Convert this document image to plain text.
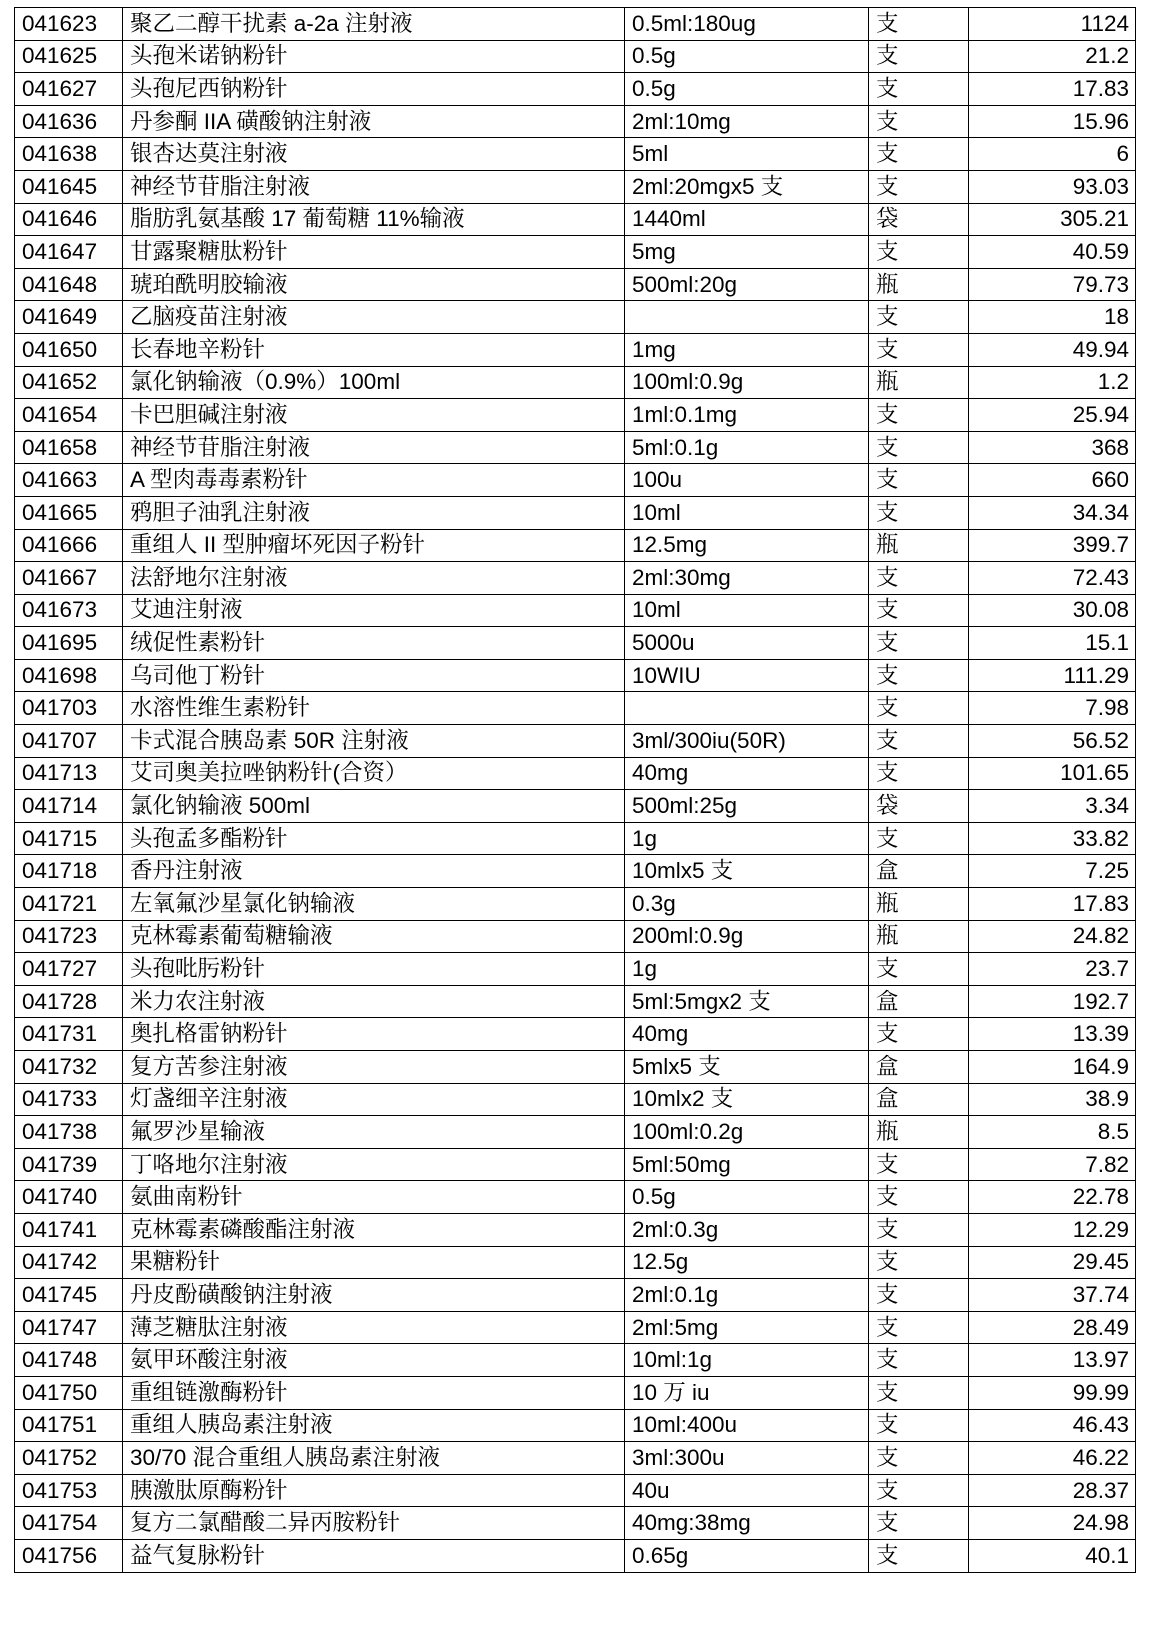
041623	聚乙二醇干扰素 a-2a 注射液	0.5ml:180ug	支	1124
041625	头孢米诺钠粉针	0.5g	支	21.2
041627	头孢尼西钠粉针	0.5g	支	17.83
041636	丹参酮 IIA 磺酸钠注射液	2ml:10mg	支	15.96
041638	银杏达莫注射液	5ml	支	6
041645	神经节苷脂注射液	2ml:20mgx5 支	支	93.03
041646	脂肪乳氨基酸 17 葡萄糖 11%输液	1440ml	袋	305.21
041647	甘露聚糖肽粉针	5mg	支	40.59
041648	琥珀酰明胶输液	500ml:20g	瓶	79.73
041649	乙脑疫苗注射液		支	18
041650	长春地辛粉针	1mg	支	49.94
041652	氯化钠输液（0.9%）100ml	100ml:0.9g	瓶	1.2
041654	卡巴胆碱注射液	1ml:0.1mg	支	25.94
041658	神经节苷脂注射液	5ml:0.1g	支	368
041663	A 型肉毒毒素粉针	100u	支	660
041665	鸦胆子油乳注射液	10ml	支	34.34
041666	重组人 II 型肿瘤坏死因子粉针	12.5mg	瓶	399.7
041667	法舒地尔注射液	2ml:30mg	支	72.43
041673	艾迪注射液	10ml	支	30.08
041695	绒促性素粉针	5000u	支	15.1
041698	乌司他丁粉针	10WIU	支	111.29
041703	水溶性维生素粉针		支	7.98
041707	卡式混合胰岛素 50R 注射液	3ml/300iu(50R)	支	56.52
041713	艾司奥美拉唑钠粉针(合资）	40mg	支	101.65
041714	氯化钠输液 500ml	500ml:25g	袋	3.34
041715	头孢孟多酯粉针	1g	支	33.82
041718	香丹注射液	10mlx5 支	盒	7.25
041721	左氧氟沙星氯化钠输液	0.3g	瓶	17.83
041723	克林霉素葡萄糖输液	200ml:0.9g	瓶	24.82
041727	头孢吡肟粉针	1g	支	23.7
041728	米力农注射液	5ml:5mgx2 支	盒	192.7
041731	奥扎格雷钠粉针	40mg	支	13.39
041732	复方苦参注射液	5mlx5 支	盒	164.9
041733	灯盏细辛注射液	10mlx2 支	盒	38.9
041738	氟罗沙星输液	100ml:0.2g	瓶	8.5
041739	丁咯地尔注射液	5ml:50mg	支	7.82
041740	氨曲南粉针	0.5g	支	22.78
041741	克林霉素磷酸酯注射液	2ml:0.3g	支	12.29
041742	果糖粉针	12.5g	支	29.45
041745	丹皮酚磺酸钠注射液	2ml:0.1g	支	37.74
041747	薄芝糖肽注射液	2ml:5mg	支	28.49
041748	氨甲环酸注射液	10ml:1g	支	13.97
041750	重组链激酶粉针	10 万 iu	支	99.99
041751	重组人胰岛素注射液	10ml:400u	支	46.43
041752	30/70 混合重组人胰岛素注射液	3ml:300u	支	46.22
041753	胰激肽原酶粉针	40u	支	28.37
041754	复方二氯醋酸二异丙胺粉针	40mg:38mg	支	24.98
041756	益气复脉粉针	0.65g	支	40.1
